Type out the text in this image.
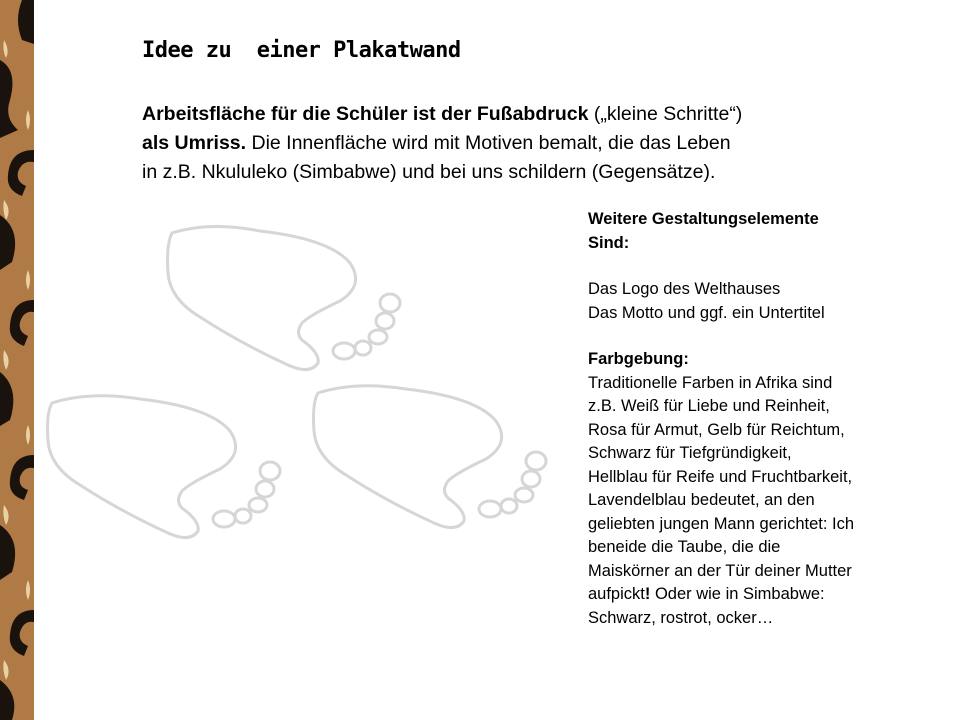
Idee zu  einer Plakatwand
Arbeitsfläche für die Schüler ist der Fußabdruck („kleine Schritte“)
als Umriss. Die Innenfläche wird mit Motiven bemalt, die das Leben
in z.B. Nkululeko (Simbabwe) und bei uns schildern (Gegensätze).
Weitere Gestaltungselemente
Sind:
Das Logo des Welthauses
Das Motto und ggf. ein Untertitel
Farbgebung:
Traditionelle Farben in Afrika sind
z.B. Weiß für Liebe und Reinheit,
Rosa für Armut, Gelb für Reichtum,
Schwarz für Tiefgründigkeit,
Hellblau für Reife und Fruchtbarkeit,
Lavendelblau bedeutet, an den
geliebten jungen Mann gerichtet: Ich
beneide die Taube, die die
Maiskörner an der Tür deiner Mutter
aufpickt! Oder wie in Simbabwe:
Schwarz, rostrot, ocker…
